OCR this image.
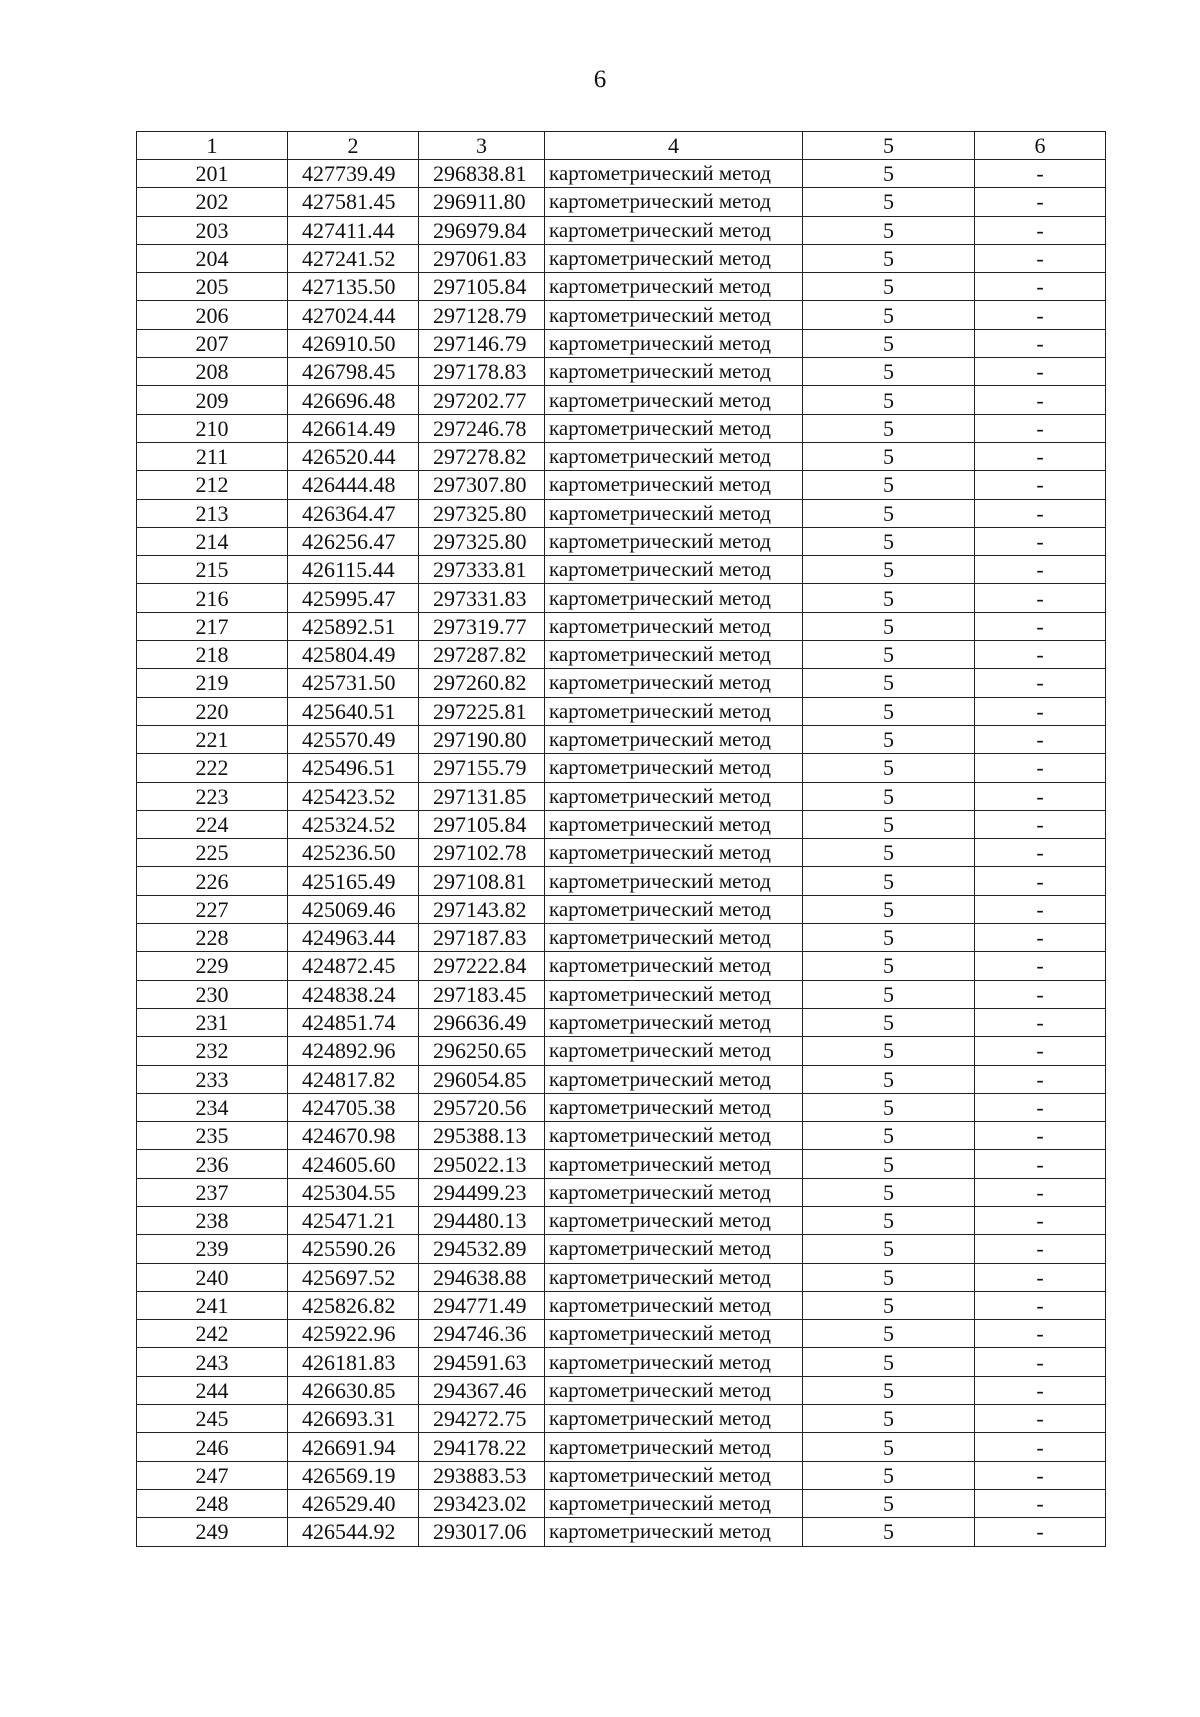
6
1	2	3	4	5	6
201	427739.49	296838.81	картометрический метод	5	-
202	427581.45	296911.80	картометрический метод	5	-
203	427411.44	296979.84	картометрический метод	5	-
204	427241.52	297061.83	картометрический метод	5	-
205	427135.50	297105.84	картометрический метод	5	-
206	427024.44	297128.79	картометрический метод	5	-
207	426910.50	297146.79	картометрический метод	5	-
208	426798.45	297178.83	картометрический метод	5	-
209	426696.48	297202.77	картометрический метод	5	-
210	426614.49	297246.78	картометрический метод	5	-
211	426520.44	297278.82	картометрический метод	5	-
212	426444.48	297307.80	картометрический метод	5	-
213	426364.47	297325.80	картометрический метод	5	-
214	426256.47	297325.80	картометрический метод	5	-
215	426115.44	297333.81	картометрический метод	5	-
216	425995.47	297331.83	картометрический метод	5	-
217	425892.51	297319.77	картометрический метод	5	-
218	425804.49	297287.82	картометрический метод	5	-
219	425731.50	297260.82	картометрический метод	5	-
220	425640.51	297225.81	картометрический метод	5	-
221	425570.49	297190.80	картометрический метод	5	-
222	425496.51	297155.79	картометрический метод	5	-
223	425423.52	297131.85	картометрический метод	5	-
224	425324.52	297105.84	картометрический метод	5	-
225	425236.50	297102.78	картометрический метод	5	-
226	425165.49	297108.81	картометрический метод	5	-
227	425069.46	297143.82	картометрический метод	5	-
228	424963.44	297187.83	картометрический метод	5	-
229	424872.45	297222.84	картометрический метод	5	-
230	424838.24	297183.45	картометрический метод	5	-
231	424851.74	296636.49	картометрический метод	5	-
232	424892.96	296250.65	картометрический метод	5	-
233	424817.82	296054.85	картометрический метод	5	-
234	424705.38	295720.56	картометрический метод	5	-
235	424670.98	295388.13	картометрический метод	5	-
236	424605.60	295022.13	картометрический метод	5	-
237	425304.55	294499.23	картометрический метод	5	-
238	425471.21	294480.13	картометрический метод	5	-
239	425590.26	294532.89	картометрический метод	5	-
240	425697.52	294638.88	картометрический метод	5	-
241	425826.82	294771.49	картометрический метод	5	-
242	425922.96	294746.36	картометрический метод	5	-
243	426181.83	294591.63	картометрический метод	5	-
244	426630.85	294367.46	картометрический метод	5	-
245	426693.31	294272.75	картометрический метод	5	-
246	426691.94	294178.22	картометрический метод	5	-
247	426569.19	293883.53	картометрический метод	5	-
248	426529.40	293423.02	картометрический метод	5	-
249	426544.92	293017.06	картометрический метод	5	-
